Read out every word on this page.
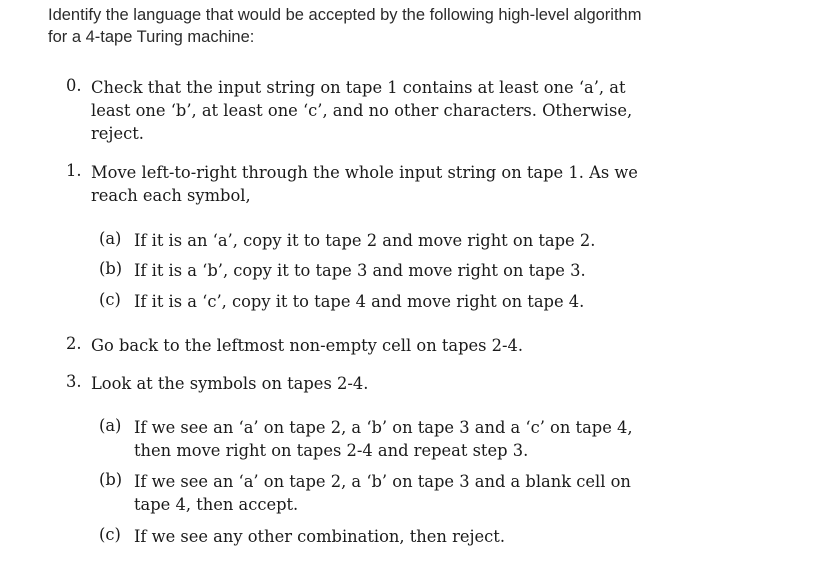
Identify the language that would be accepted by the following high-level algorithm
for a 4-tape Turing machine:
0. Check that the input string on tape 1 contains at least one ‘a’, at
least one ‘b’, at least one ‘c’, and no other characters. Otherwise,
reject.
1. Move left-to-right through the whole input string on tape 1. As we
reach each symbol,
(a) If it is an ‘a’, copy it to tape 2 and move right on tape 2.
(b) If it is a ‘b’, copy it to tape 3 and move right on tape 3.
(c) If it is a ‘c’, copy it to tape 4 and move right on tape 4.
2. Go back to the leftmost non-empty cell on tapes 2-4.
3. Look at the symbols on tapes 2-4.
(a) If we see an ‘a’ on tape 2, a ‘b’ on tape 3 and a ‘c’ on tape 4,
then move right on tapes 2-4 and repeat step 3.
(b) If we see an ‘a’ on tape 2, a ‘b’ on tape 3 and a blank cell on
tape 4, then accept.
(c) If we see any other combination, then reject.
